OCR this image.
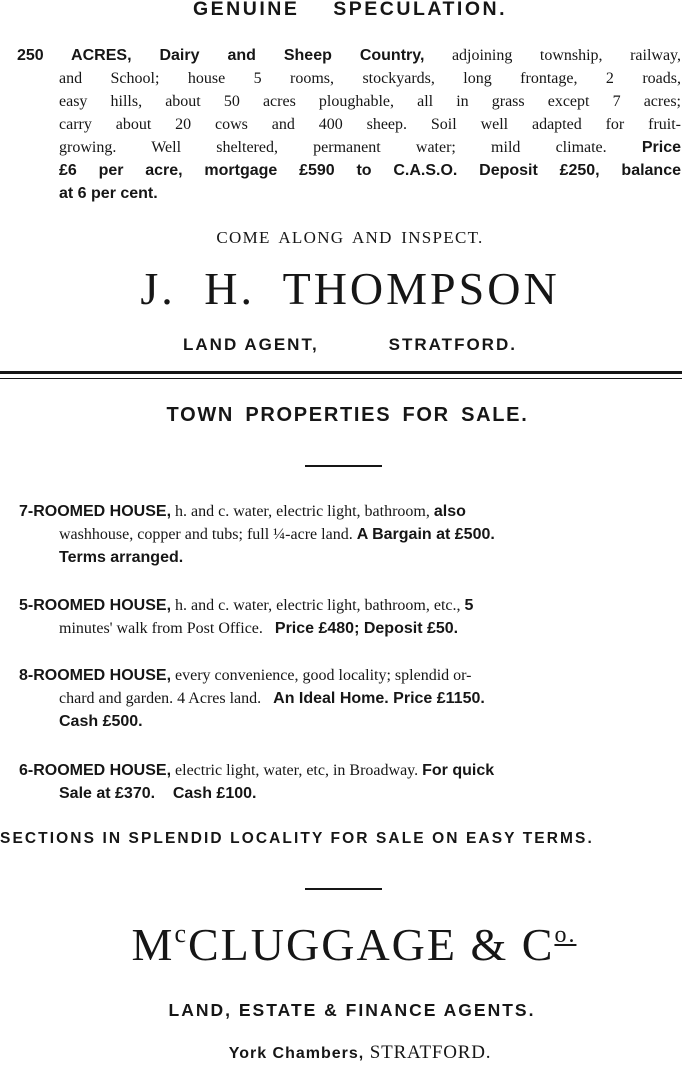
GENUINE SPECULATION.
250 ACRES, Dairy and Sheep Country, adjoining township, railway,
and School; house 5 rooms, stockyards, long frontage, 2 roads,
easy hills, about 50 acres ploughable, all in grass except 7 acres;
carry about 20 cows and 400 sheep. Soil well adapted for fruit-
growing. Well sheltered, permanent water; mild climate. Price
£6 per acre, mortgage £590 to C.A.S.O. Deposit £250, balance
at 6 per cent.
COME ALONG AND INSPECT.
J. H. THOMPSON
LAND AGENT,	STRATFORD.
TOWN PROPERTIES FOR SALE.
7-ROOMED HOUSE, h. and c. water, electric light, bathroom, also
washhouse, copper and tubs; full ¼-acre land. A Bargain at £500.
Terms arranged.
5-ROOMED HOUSE, h. and c. water, electric light, bathroom, etc., 5
minutes' walk from Post Office. Price £480; Deposit £50.
8-ROOMED HOUSE, every convenience, good locality; splendid or-
chard and garden. 4 Acres land. An Ideal Home. Price £1150.
Cash £500.
6-ROOMED HOUSE, electric light, water, etc, in Broadway. For quick
Sale at £370.    Cash £100.
SECTIONS IN SPLENDID LOCALITY FOR SALE ON EASY TERMS.
$M^cCLUGGAGE$ & $C^{o.}$
LAND, ESTATE & FINANCE AGENTS.
York Chambers, STRATFORD.
